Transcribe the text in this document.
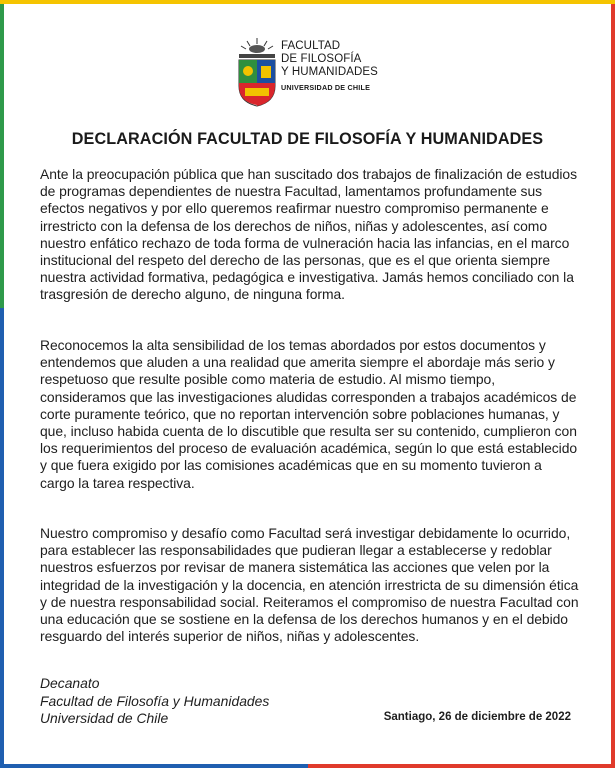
FACULTAD
DE FILOSOFÍA
Y HUMANIDADES
UNIVERSIDAD DE CHILE
DECLARACIÓN FACULTAD DE FILOSOFÍA Y HUMANIDADES

Ante la preocupación pública que han suscitado dos trabajos de finalización de estudios de programas dependientes de nuestra Facultad, lamentamos profundamente sus efectos negativos y por ello queremos reafirmar nuestro compromiso permanente e irrestricto con la defensa de los derechos de niños, niñas y adolescentes, así como nuestro enfático rechazo de toda forma de vulneración hacia las infancias, en el marco institucional del respeto del derecho de las personas, que es el que orienta siempre nuestra actividad formativa, pedagógica e investigativa. Jamás hemos conciliado con la trasgresión de derecho alguno, de ninguna forma.

Reconocemos la alta sensibilidad de los temas abordados por estos documentos y entendemos que aluden a una realidad que amerita siempre el abordaje más serio y respetuoso que resulte posible como materia de estudio. Al mismo tiempo, consideramos que las investigaciones aludidas corresponden a trabajos académicos de corte puramente teórico, que no reportan intervención sobre poblaciones humanas, y que, incluso habida cuenta de lo discutible que resulta ser su contenido, cumplieron con los requerimientos del proceso de evaluación académica, según lo que está establecido y que fuera exigido por las comisiones académicas que en su momento tuvieron a cargo la tarea respectiva.

Nuestro compromiso y desafío como Facultad será investigar debidamente lo ocurrido, para establecer las responsabilidades que pudieran llegar a establecerse y redoblar nuestros esfuerzos por revisar de manera sistemática las acciones que velen por la integridad de la investigación y la docencia, en atención irrestricta de su dimensión ética y de nuestra responsabilidad social. Reiteramos el compromiso de nuestra Facultad con una educación que se sostiene en la defensa de los derechos humanos y en el debido resguardo del interés superior de niños, niñas y adolescentes.

Decanato
Facultad de Filosofía y Humanidades
Universidad de Chile	Santiago, 26 de diciembre de 2022
